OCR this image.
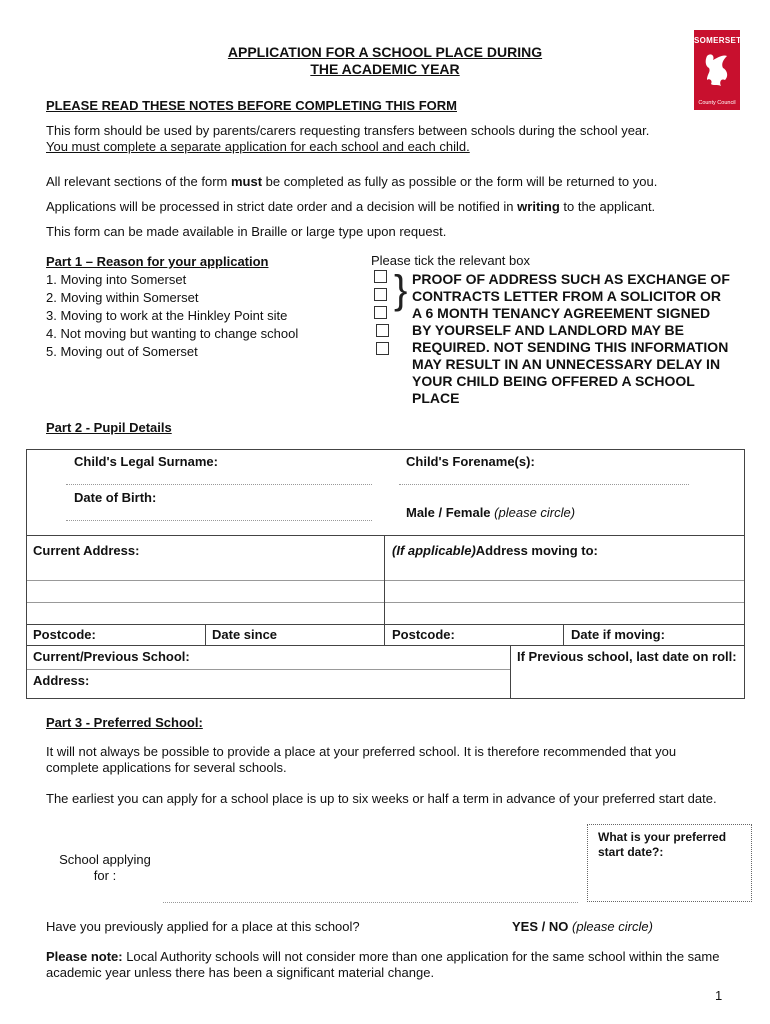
APPLICATION FOR A SCHOOL PLACE DURING
THE ACADEMIC YEAR
SOMERSET
County Council
PLEASE READ THESE NOTES BEFORE COMPLETING THIS FORM
This form should be used by parents/carers requesting transfers between schools during the school year.
You must complete a separate application for each school and each child.
All relevant sections of the form must be completed as fully as possible or the form will be returned to you.
Applications will be processed in strict date order and a decision will be notified in writing to the applicant.
This form can be made available in Braille or large type upon request.
Part 1 – Reason for your application
1. Moving into Somerset
2. Moving within Somerset
3. Moving to work at the Hinkley Point site
4. Not moving but wanting to change school
5. Moving out of Somerset
Please tick the relevant box
} PROOF OF ADDRESS SUCH AS EXCHANGE OF CONTRACTS LETTER FROM A SOLICITOR OR A 6 MONTH TENANCY AGREEMENT SIGNED BY YOURSELF AND LANDLORD MAY BE REQUIRED. NOT SENDING THIS INFORMATION MAY RESULT IN AN UNNECESSARY DELAY IN YOUR CHILD BEING OFFERED A SCHOOL PLACE
Part 2 - Pupil Details
Child's Legal Surname:	Child's Forename(s):
Date of Birth:
Male / Female (please circle)
Current Address:	(If applicable)Address moving to:
Postcode:	Date since	Postcode:	Date if moving:
Current/Previous School:
Address:
If Previous school, last date on roll:
Part 3 - Preferred School:
It will not always be possible to provide a place at your preferred school. It is therefore recommended that you complete applications for several schools.
The earliest you can apply for a school place is up to six weeks or half a term in advance of your preferred start date.
What is your preferred start date?:
School applying for :
Have you previously applied for a place at this school?	YES / NO (please circle)
Please note: Local Authority schools will not consider more than one application for the same school within the same academic year unless there has been a significant material change.
1
